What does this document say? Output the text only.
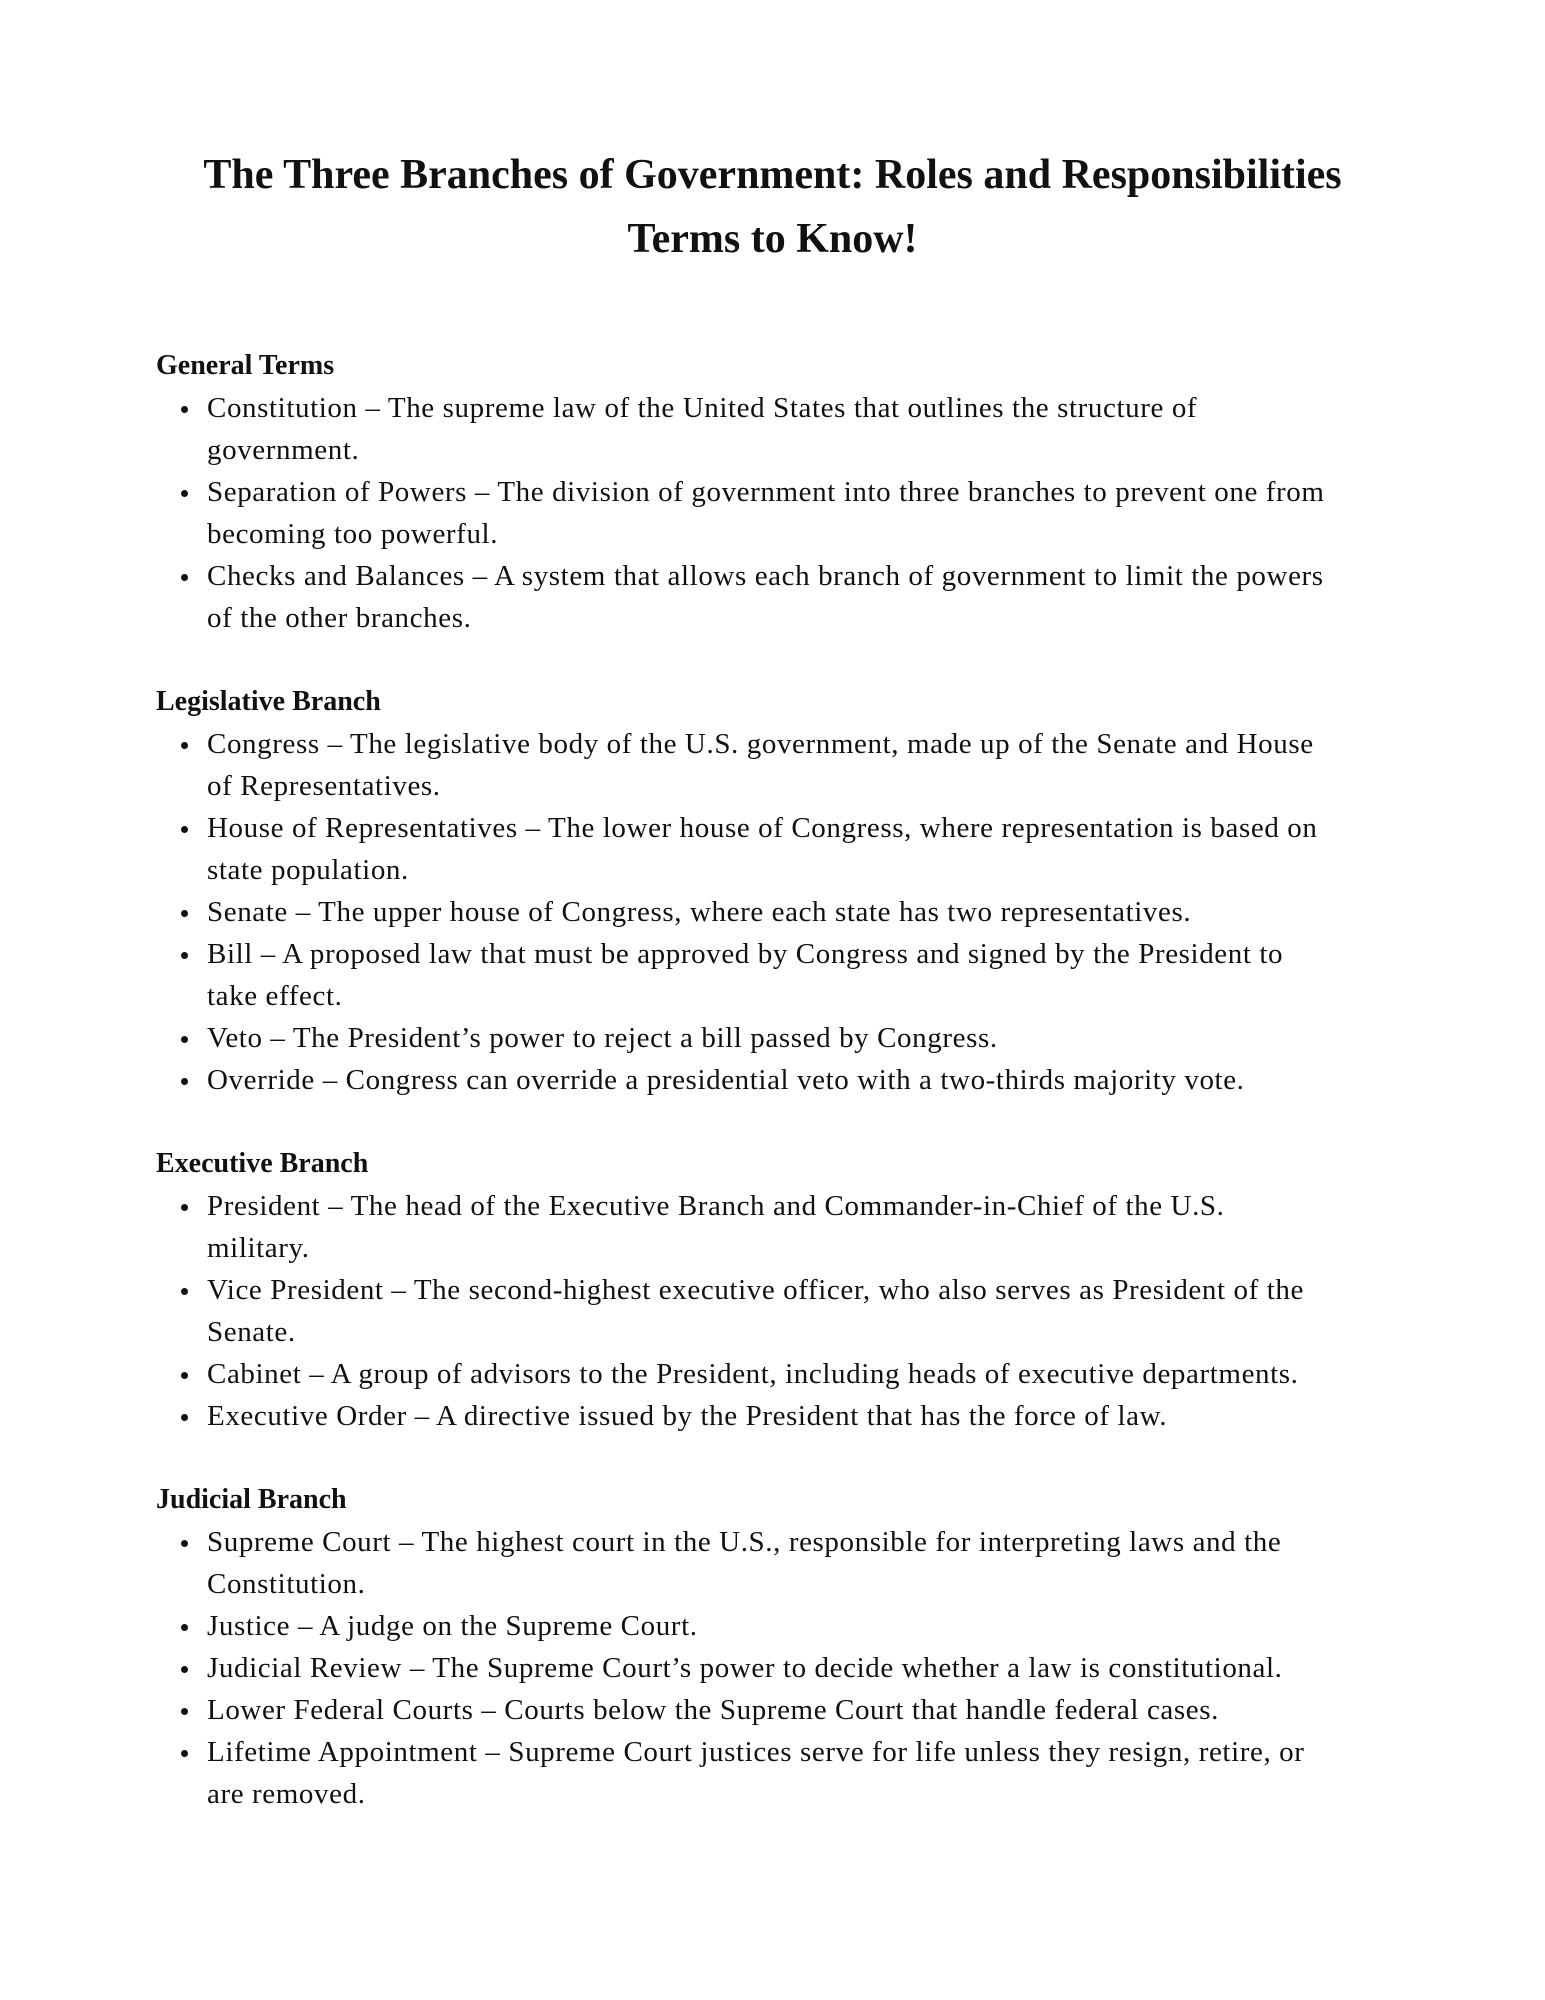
The Three Branches of Government: Roles and Responsibilities
Terms to Know!
General Terms
Constitution – The supreme law of the United States that outlines the structure of
government.
Separation of Powers – The division of government into three branches to prevent one from
becoming too powerful.
Checks and Balances – A system that allows each branch of government to limit the powers
of the other branches.
Legislative Branch
Congress – The legislative body of the U.S. government, made up of the Senate and House
of Representatives.
House of Representatives – The lower house of Congress, where representation is based on
state population.
Senate – The upper house of Congress, where each state has two representatives.
Bill – A proposed law that must be approved by Congress and signed by the President to
take effect.
Veto – The President’s power to reject a bill passed by Congress.
Override – Congress can override a presidential veto with a two-thirds majority vote.
Executive Branch
President – The head of the Executive Branch and Commander-in-Chief of the U.S.
military.
Vice President – The second-highest executive officer, who also serves as President of the
Senate.
Cabinet – A group of advisors to the President, including heads of executive departments.
Executive Order – A directive issued by the President that has the force of law.
Judicial Branch
Supreme Court – The highest court in the U.S., responsible for interpreting laws and the
Constitution.
Justice – A judge on the Supreme Court.
Judicial Review – The Supreme Court’s power to decide whether a law is constitutional.
Lower Federal Courts – Courts below the Supreme Court that handle federal cases.
Lifetime Appointment – Supreme Court justices serve for life unless they resign, retire, or
are removed.
